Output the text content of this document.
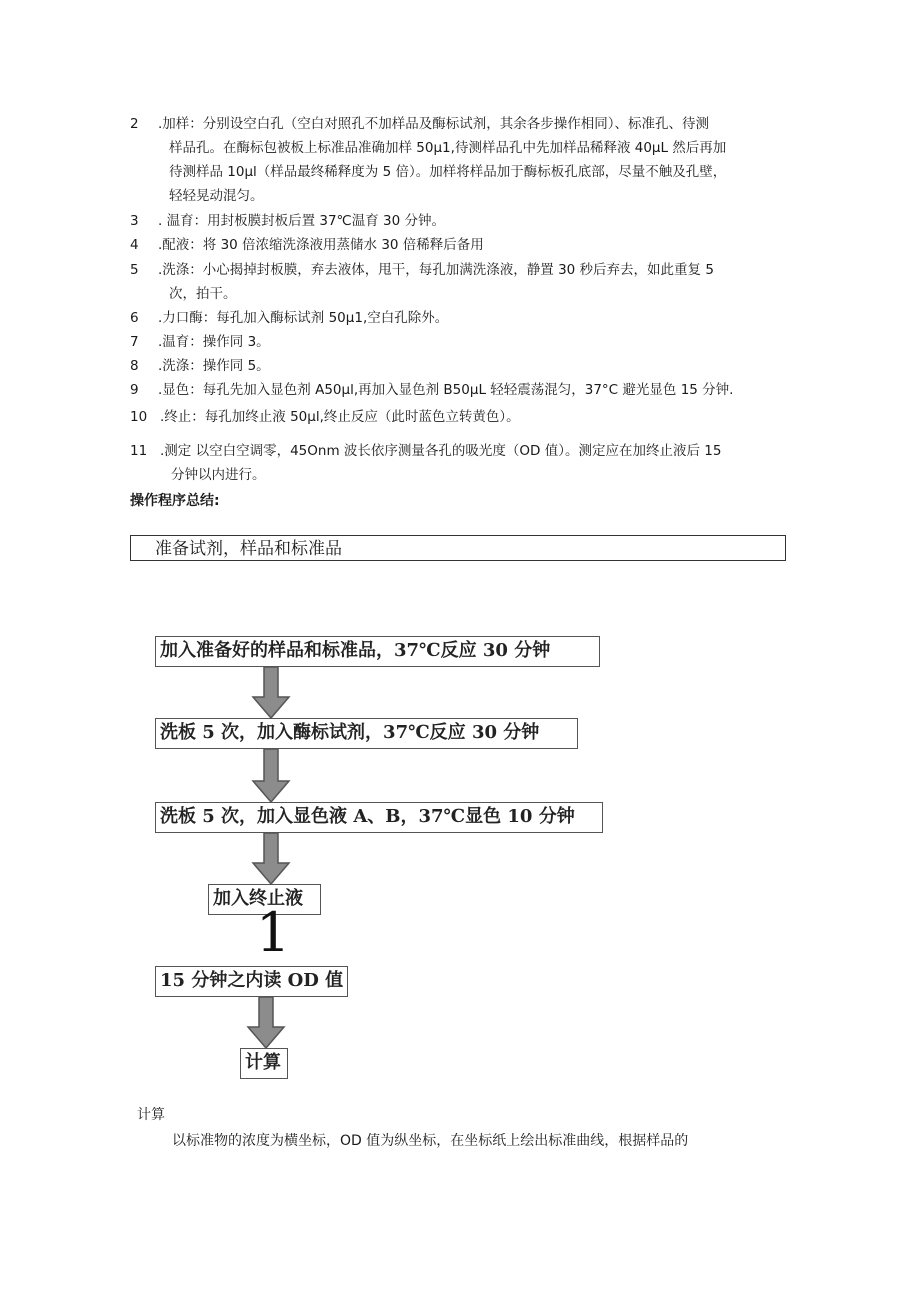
2 .加样：分别设空白孔（空白对照孔不加样品及酶标试剂，其余各步操作相同）、标准孔、待测
样品孔。在酶标包被板上标准品准确加样 50μ1,待测样品孔中先加样品稀释液 40μL 然后再加
待测样品 10μl（样品最终稀释度为 5 倍）。加样将样品加于酶标板孔底部，尽量不触及孔壁，
轻轻晃动混匀。
3 . 温育：用封板膜封板后置 37℃温育 30 分钟。
4 .配液：将 30 倍浓缩洗涤液用蒸储水 30 倍稀释后备用
5 .洗涤：小心揭掉封板膜，弃去液体，甩干，每孔加满洗涤液，静置 30 秒后弃去，如此重复 5
次，拍干。
6 .力口酶：每孔加入酶标试剂 50μ1,空白孔除外。
7 .温育：操作同 3。
8 .洗涤：操作同 5。
9 .显色：每孔先加入显色剂 A50μl,再加入显色剂 B50μL 轻轻震荡混匀，37°C 避光显色 15 分钟.
10 .终止：每孔加终止液 50μl,终止反应（此时蓝色立转黄色）。
11 .测定 以空白空调零，45Onm 波长依序测量各孔的吸光度（OD 值）。测定应在加终止液后 15
分钟以内进行。
操作程序总结:
准备试剂，样品和标准品
加入准备好的样品和标准品，37℃反应 30 分钟
洗板 5 次，加入酶标试剂，37℃反应 30 分钟
洗板 5 次，加入显色液 A、B，37℃显色 10 分钟
加入终止液
15 分钟之内读 OD 值
计算
1
计算
以标准物的浓度为横坐标，OD 值为纵坐标，在坐标纸上绘出标准曲线，根据样品的
